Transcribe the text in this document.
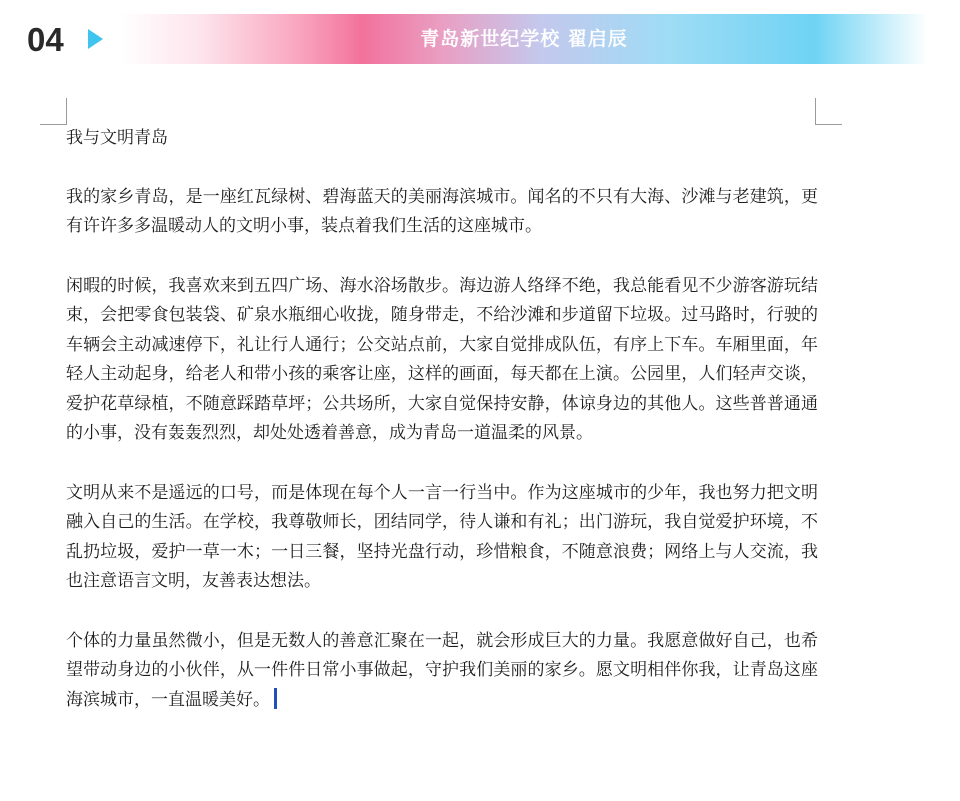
04	青岛新世纪学校 翟启辰

我与文明青岛

我的家乡青岛，是一座红瓦绿树、碧海蓝天的美丽海滨城市。闻名的不只有大海、沙滩与老建筑，更有许许多多温暖动人的文明小事，装点着我们生活的这座城市。

闲暇的时候，我喜欢来到五四广场、海水浴场散步。海边游人络绎不绝，我总能看见不少游客游玩结束，会把零食包装袋、矿泉水瓶细心收拢，随身带走，不给沙滩和步道留下垃圾。过马路时，行驶的车辆会主动减速停下，礼让行人通行；公交站点前，大家自觉排成队伍，有序上下车。车厢里面，年轻人主动起身，给老人和带小孩的乘客让座，这样的画面，每天都在上演。公园里，人们轻声交谈，爱护花草绿植，不随意踩踏草坪；公共场所，大家自觉保持安静，体谅身边的其他人。这些普普通通的小事，没有轰轰烈烈，却处处透着善意，成为青岛一道温柔的风景。

文明从来不是遥远的口号，而是体现在每个人一言一行当中。作为这座城市的少年，我也努力把文明融入自己的生活。在学校，我尊敬师长，团结同学，待人谦和有礼；出门游玩，我自觉爱护环境，不乱扔垃圾，爱护一草一木；一日三餐，坚持光盘行动，珍惜粮食，不随意浪费；网络上与人交流，我也注意语言文明，友善表达想法。

个体的力量虽然微小，但是无数人的善意汇聚在一起，就会形成巨大的力量。我愿意做好自己，也希望带动身边的小伙伴，从一件件日常小事做起，守护我们美丽的家乡。愿文明相伴你我，让青岛这座海滨城市，一直温暖美好。
